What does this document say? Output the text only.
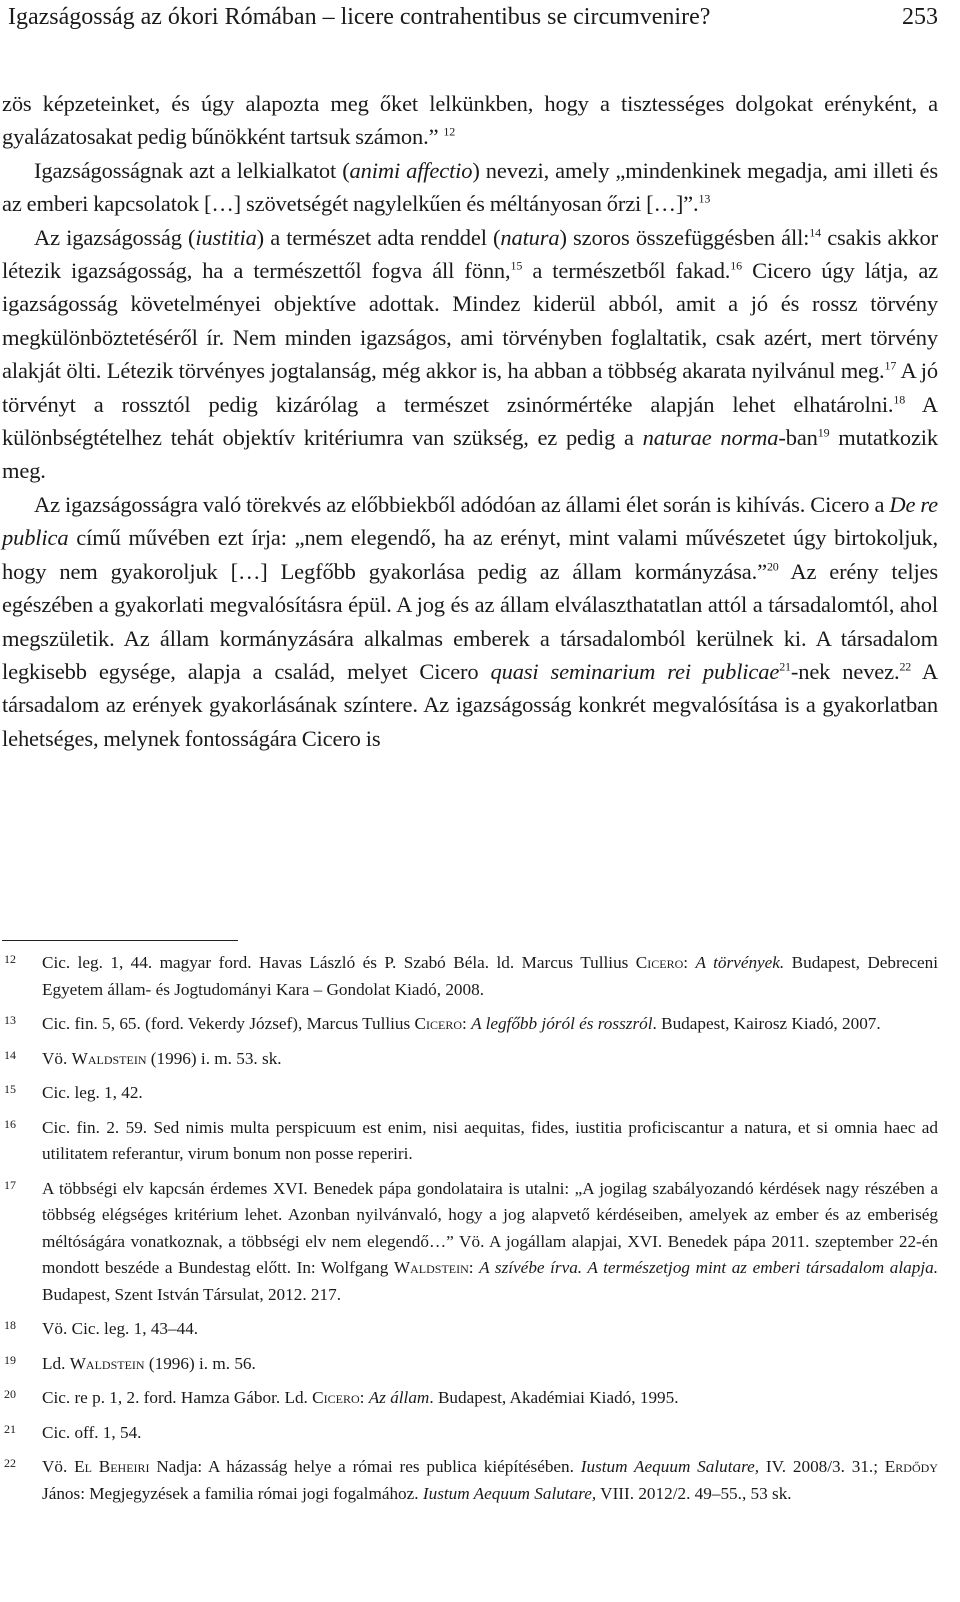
Igazságosság az ókori Rómában – licere contrahentibus se circumvenire?	253

zös képzeteinket, és úgy alapozta meg őket lelkünkben, hogy a tisztességes dolgokat erényként, a gyalázatosakat pedig bűnökként tartsuk számon.” $^{12}$

Igazságosságnak azt a lelkialkatot (animi affectio) nevezi, amely „mindenkinek megadja, ami illeti és az emberi kapcsolatok […] szövetségét nagylelkűen és méltányosan őrzi […]”.$^{13}$

Az igazságosság (iustitia) a természet adta renddel (natura) szoros összefüggésben áll:$^{14}$ csakis akkor létezik igazságosság, ha a természettől fogva áll fönn,$^{15}$ a természetből fakad.$^{16}$ Cicero úgy látja, az igazságosság követelményei objektíve adottak. Mindez kiderül abból, amit a jó és rossz törvény megkülönböztetéséről ír. Nem minden igazságos, ami törvényben foglaltatik, csak azért, mert törvény alakját ölti. Létezik törvényes jogtalanság, még akkor is, ha abban a többség akarata nyilvánul meg.$^{17}$ A jó törvényt a rossztól pedig kizárólag a természet zsinórmértéke alapján lehet elhatárolni.$^{18}$ A különbségtételhez tehát objektív kritériumra van szükség, ez pedig a naturae norma-ban$^{19}$ mutatkozik meg.

Az igazságosságra való törekvés az előbbiekből adódóan az állami élet során is kihívás. Cicero a De re publica című művében ezt írja: „nem elegendő, ha az erényt, mint valami művészetet úgy birtokoljuk, hogy nem gyakoroljuk […] Legfőbb gyakorlása pedig az állam kormányzása.”$^{20}$ Az erény teljes egészében a gyakorlati megvalósításra épül. A jog és az állam elválaszthatatlan attól a társadalomtól, ahol megszületik. Az állam kormányzására alkalmas emberek a társadalomból kerülnek ki. A társadalom legkisebb egysége, alapja a család, melyet Cicero quasi seminarium rei publicae$^{21}$-nek nevez.$^{22}$ A társadalom az erények gyakorlásának színtere. Az igazságosság konkrét megvalósítása is a gyakorlatban lehetséges, melynek fontosságára Cicero is

12 Cic. leg. 1, 44. magyar ford. Havas László és P. Szabó Béla. ld. Marcus Tullius Cicero: A törvények. Budapest, Debreceni Egyetem állam- és Jogtudományi Kara – Gondolat Kiadó, 2008.
13 Cic. fin. 5, 65. (ford. Vekerdy József), Marcus Tullius Cicero: A legfőbb jóról és rosszról. Budapest, Kairosz Kiadó, 2007.
14 Vö. Waldstein (1996) i. m. 53. sk.
15 Cic. leg. 1, 42.
16 Cic. fin. 2. 59. Sed nimis multa perspicuum est enim, nisi aequitas, fides, iustitia proficiscantur a natura, et si omnia haec ad utilitatem referantur, virum bonum non posse reperiri.
17 A többségi elv kapcsán érdemes XVI. Benedek pápa gondolataira is utalni: „A jogilag szabályozandó kérdések nagy részében a többség elégséges kritérium lehet. Azonban nyilvánvaló, hogy a jog alapvető kérdéseiben, amelyek az ember és az emberiség méltóságára vonatkoznak, a többségi elv nem elegendő…” Vö. A jogállam alapjai, XVI. Benedek pápa 2011. szeptember 22-én mondott beszéde a Bundestag előtt. In: Wolfgang Waldstein: A szívébe írva. A természetjog mint az emberi társadalom alapja. Budapest, Szent István Társulat, 2012. 217.
18 Vö. Cic. leg. 1, 43–44.
19 Ld. Waldstein (1996) i. m. 56.
20 Cic. re p. 1, 2. ford. Hamza Gábor. Ld. Cicero: Az állam. Budapest, Akadémiai Kiadó, 1995.
21 Cic. off. 1, 54.
22 Vö. El Beheiri Nadja: A házasság helye a római res publica kiépítésében. Iustum Aequum Salutare, IV. 2008/3. 31.; Erdődy János: Megjegyzések a familia római jogi fogalmához. Iustum Aequum Salutare, VIII. 2012/2. 49–55., 53 sk.
